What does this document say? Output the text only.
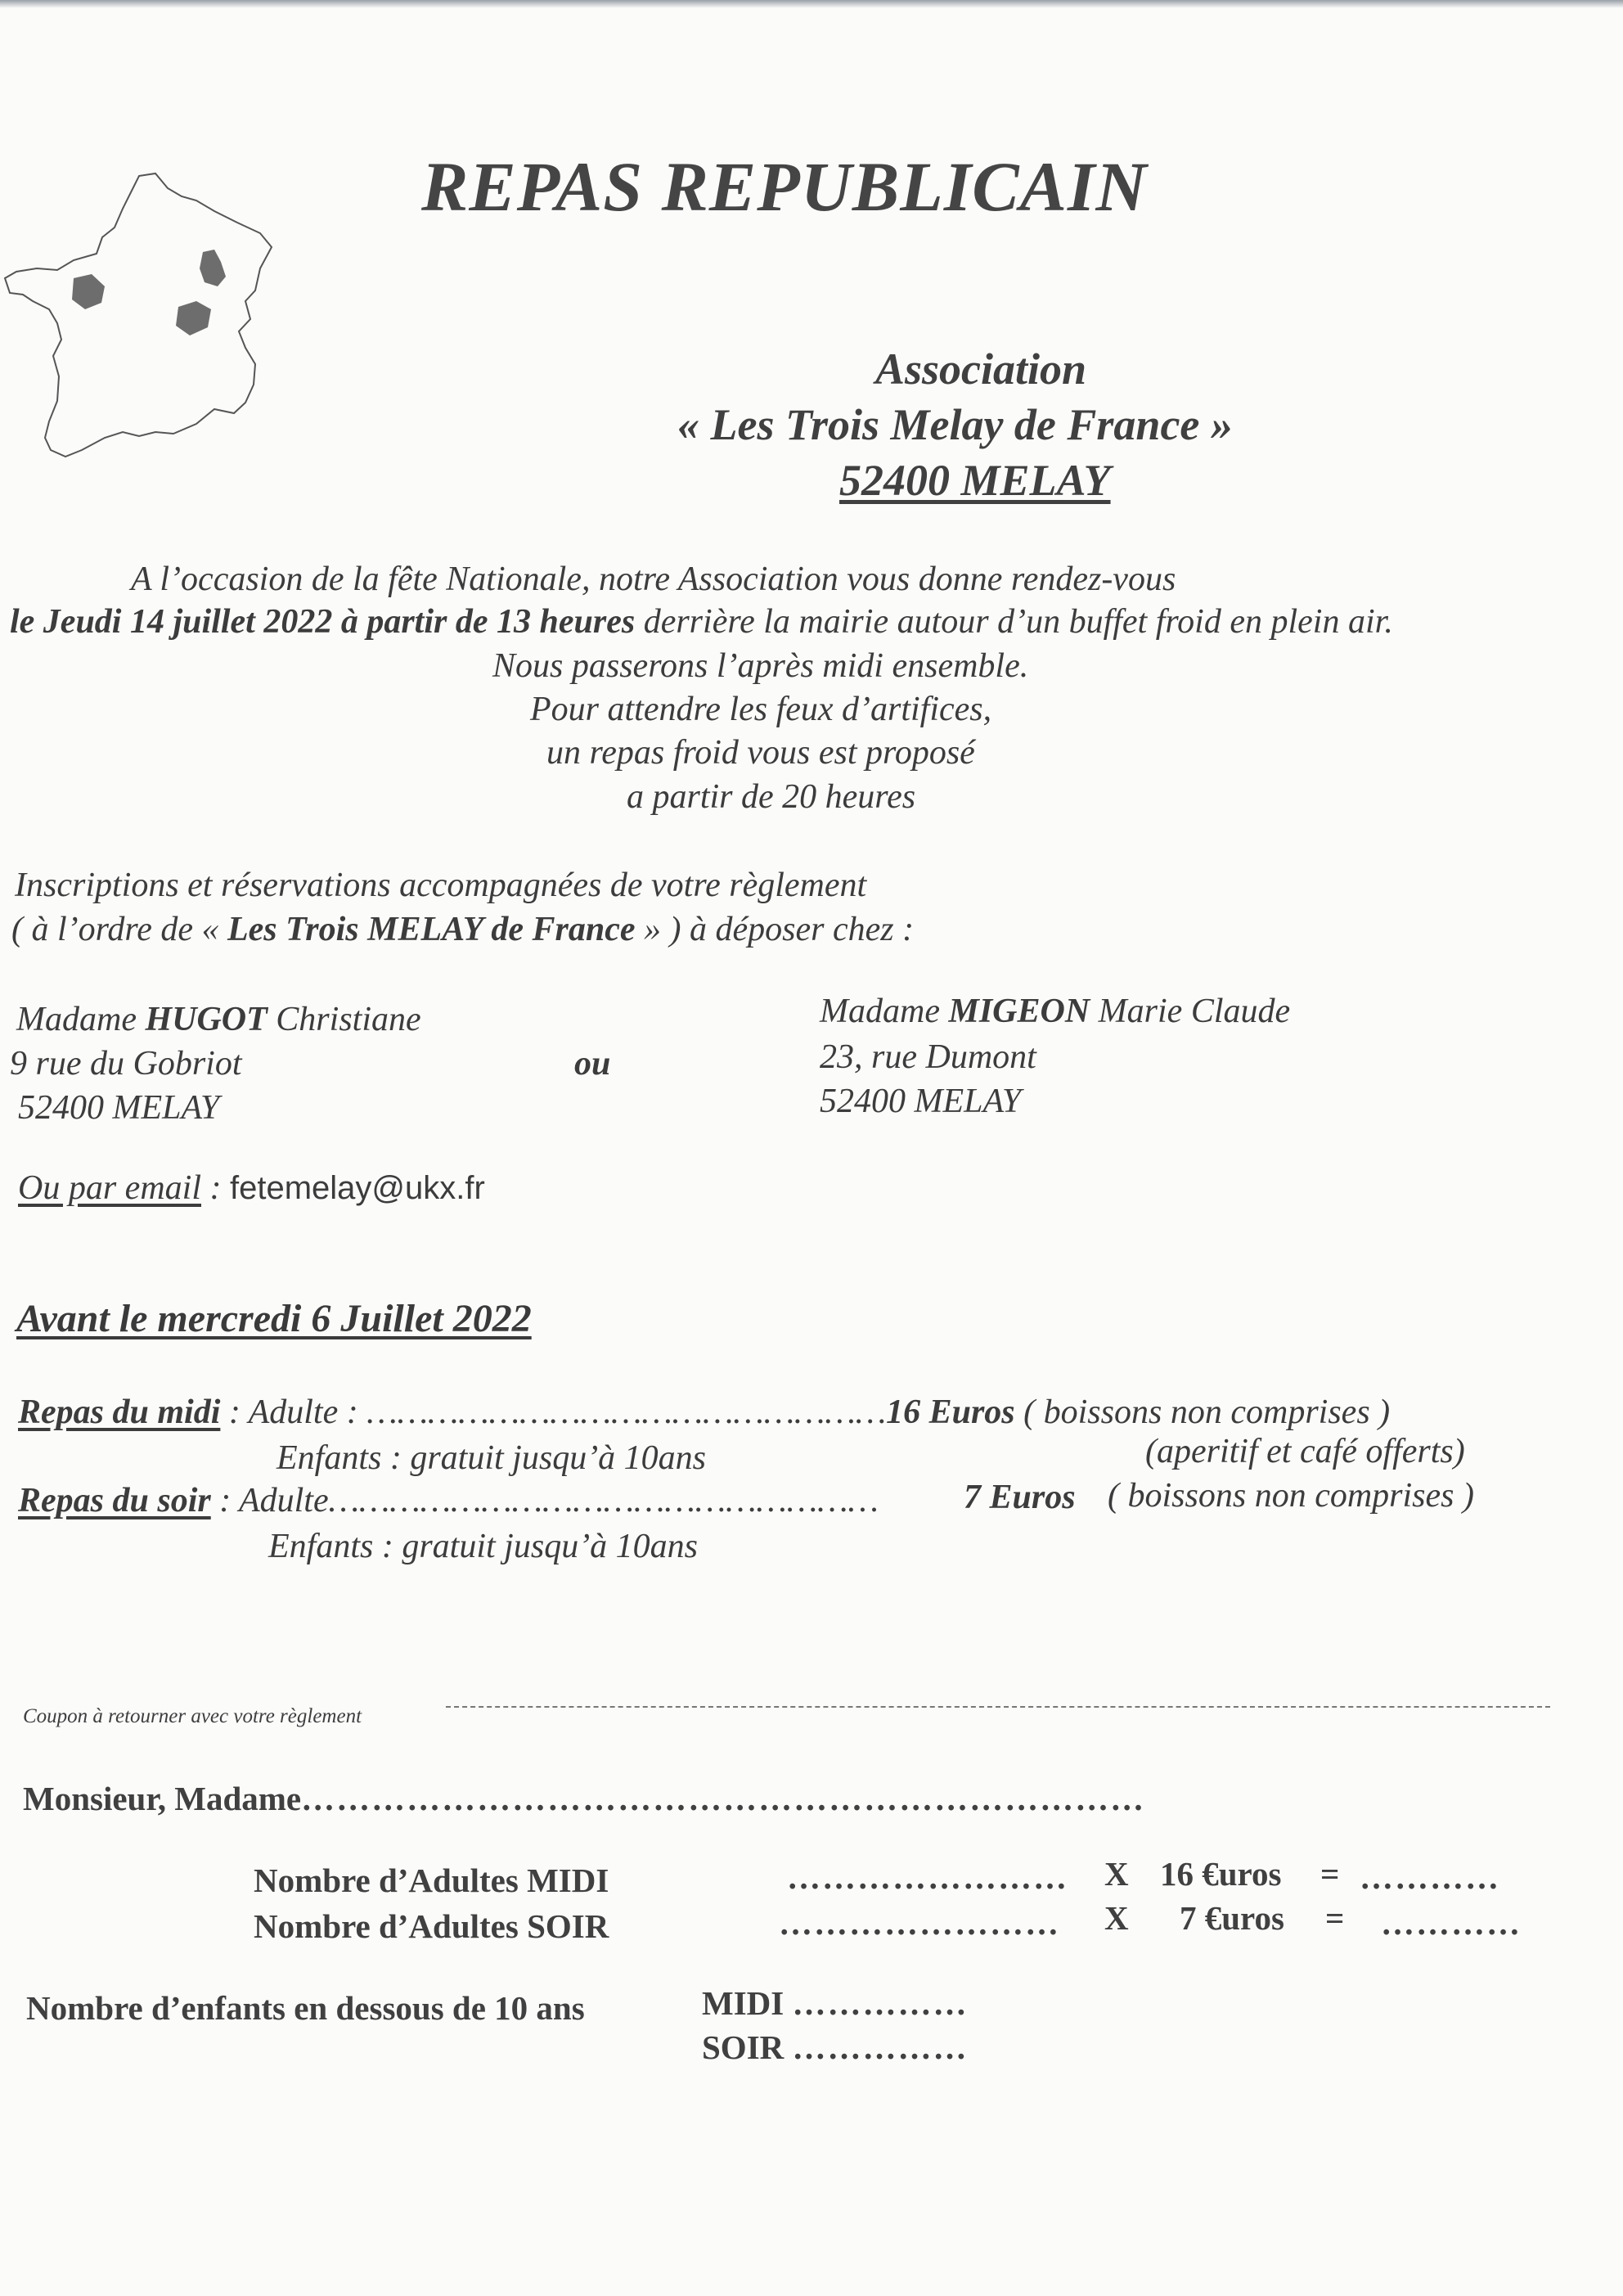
REPAS REPUBLICAIN
Association
« Les Trois Melay de France »
52400 MELAY
A l’occasion de la fête Nationale, notre Association vous donne rendez-vous
le Jeudi 14 juillet 2022 à partir de 13 heures derrière la mairie autour d’un buffet froid en plein air.
Nous passerons l’après midi ensemble.
Pour attendre les feux d’artifices,
un repas froid vous est proposé
a partir de 20 heures
Inscriptions et réservations accompagnées de votre règlement
( à l’ordre de « Les Trois MELAY de France » ) à déposer chez :
Madame HUGOT Christiane
9 rue du Gobriot
52400 MELAY
ou
Madame MIGEON Marie Claude
23, rue Dumont
52400 MELAY
Ou par email : fetemelay@ukx.fr
Avant le mercredi 6 Juillet 2022
Repas du midi : Adulte : ……………………………………………16 Euros ( boissons non comprises )
Enfants : gratuit jusqu’à 10ans	(aperitif et café offerts)
Repas du soir : Adulte……………………………………………… 7 Euros ( boissons non comprises )
Enfants : gratuit jusqu’à 10ans
Coupon à retourner avec votre règlement
Monsieur, Madame………………………………………………………………
Nombre d’Adultes MIDI	…………………… X 16 €uros = …………
Nombre d’Adultes SOIR	…………………… X 7 €uros = …………
Nombre d’enfants en dessous de 10 ans	MIDI ……………
SOIR ……………
